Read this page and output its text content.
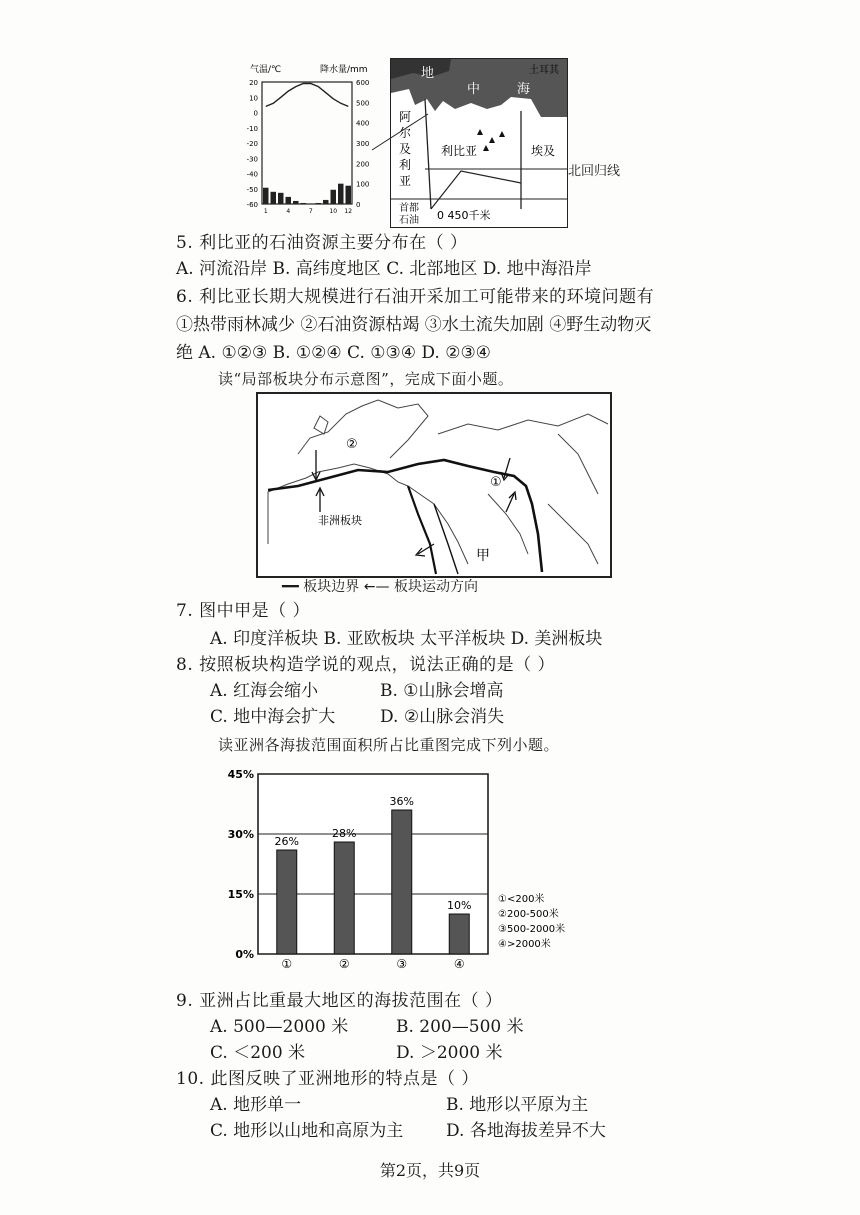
气温/℃	降水量/mm
20
10
0
-10
-20
-30
-40
-50
-60
600
500
400
300
200
100
0
1	4	7	10 12
地
中	海
土耳其
利比亚	埃及
阿尔及利亚
首都
石油 0 450千米
北回归线
5. 利比亚的石油资源主要分布在（ ）
A. 河流沿岸 B. 高纬度地区 C. 北部地区 D. 地中海沿岸
6. 利比亚长期大规模进行石油开采加工可能带来的环境问题有
①热带雨林减少 ②石油资源枯竭 ③水土流失加剧 ④野生动物灭
绝 A. ①②③ B. ①②④ C. ①③④ D. ②③④
读“局部板块分布示意图”，完成下面小题。
①
②
非洲板块
甲
━━ 板块边界 ←— 板块运动方向
7. 图中甲是（ ）
A. 印度洋板块 B. 亚欧板块 太平洋板块 D. 美洲板块
8. 按照板块构造学说的观点，说法正确的是（ ）
A. 红海会缩小	B. ①山脉会增高
C. 地中海会扩大	D. ②山脉会消失
读亚洲各海拔范围面积所占比重图完成下列小题。
45%
30%
15%
0%
26%
28%
36%
10%
①	②	③	④
①<200米
②200-500米
③500-2000米
④>2000米
9. 亚洲占比重最大地区的海拔范围在（ ）
A. 500—2000 米	B. 200—500 米
C. ＜200 米	D. ＞2000 米
10. 此图反映了亚洲地形的特点是（ ）
A. 地形单一	B. 地形以平原为主
C. 地形以山地和高原为主	D. 各地海拔差异不大
第2页，共9页
